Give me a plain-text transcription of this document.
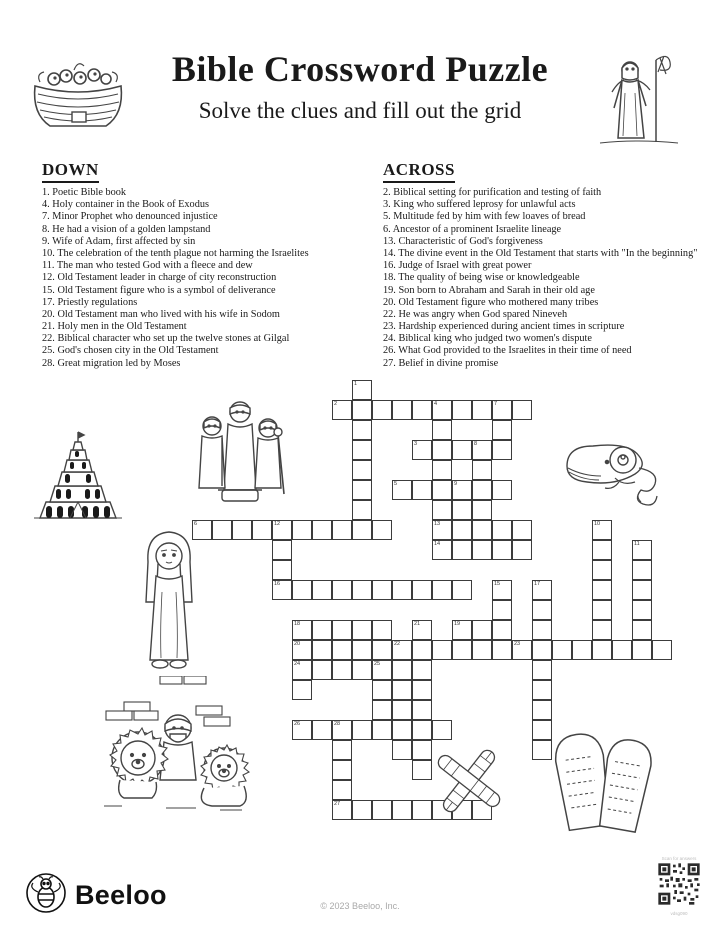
Bible Crossword Puzzle
Solve the clues and fill out the grid
DOWN
1. Poetic Bible book
4. Holy container in the Book of Exodus
7. Minor Prophet who denounced injustice
8. He had a vision of a golden lampstand
9. Wife of Adam, first affected by sin
10. The celebration of the tenth plague not harming the Israelites
11. The man who tested God with a fleece and dew
12. Old Testament leader in charge of city reconstruction
15. Old Testament figure who is a symbol of deliverance
17. Priestly regulations
20. Old Testament man who lived with his wife in Sodom
21. Holy men in the Old Testament
22. Biblical character who set up the twelve stones at Gilgal
25. God's chosen city in the Old Testament
28. Great migration led by Moses
ACROSS
2. Biblical setting for purification and testing of faith
3. King who suffered leprosy for unlawful acts
5. Multitude fed by him with few loaves of bread
6. Ancestor of a prominent Israelite lineage
13. Characteristic of God's forgiveness
14. The divine event in the Old Testament that starts with "In the beginning"
16. Judge of Israel with great power
18. The quality of being wise or knowledgeable
19. Son born to Abraham and Sarah in their old age
20. Old Testament figure who mothered many tribes
22. He was angry when God spared Nineveh
23. Hardship experienced during ancient times in scripture
24. Biblical king who judged two women's dispute
26. What God provided to the Israelites in their time of need
27. Belief in divine promise
1
2	4	7
13
3	8
5	9
6	12
16
10
14	11
15	17
18	19
21
20
24
22	23
25
26	28
27
Beeloo	© 2023 Beeloo, Inc.
Scan for answers
vdsg090
